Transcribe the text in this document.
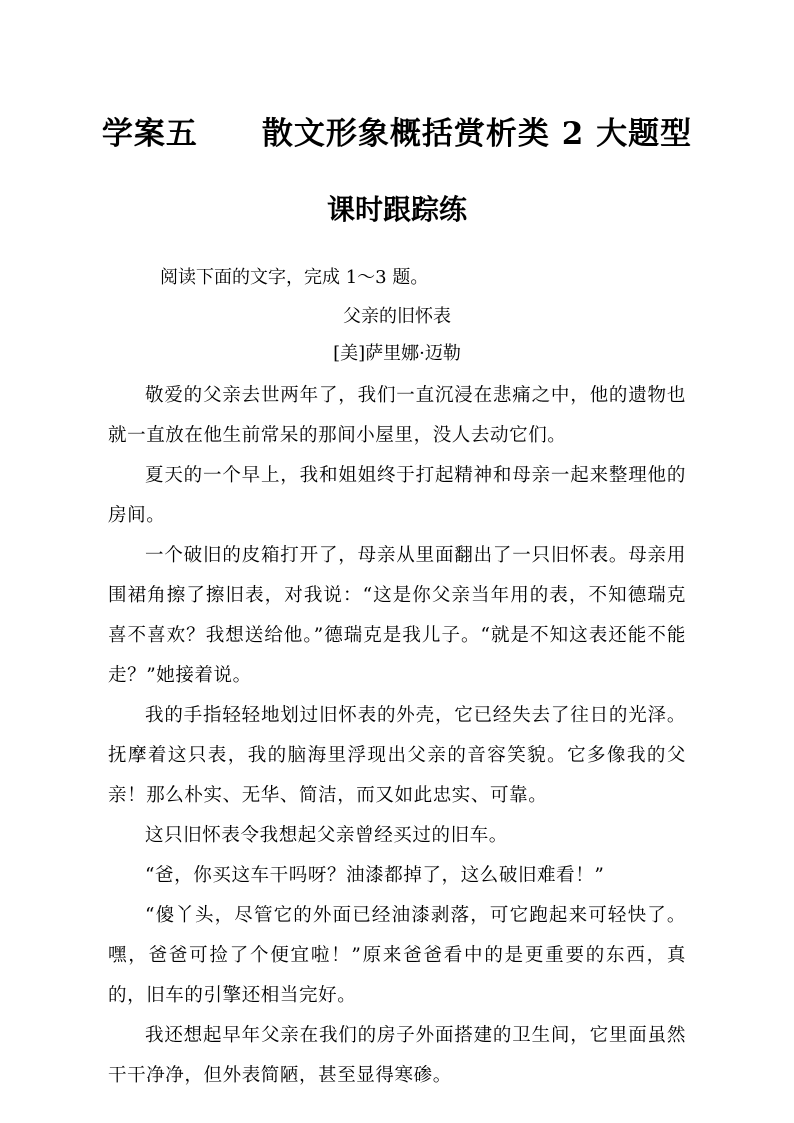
学案五　　散文形象概括赏析类 2 大题型
课时跟踪练
阅读下面的文字，完成 1～3 题。
父亲的旧怀表
[美]萨里娜·迈勒

敬爱的父亲去世两年了，我们一直沉浸在悲痛之中，他的遗物也就一直放在他生前常呆的那间小屋里，没人去动它们。

夏天的一个早上，我和姐姐终于打起精神和母亲一起来整理他的房间。

一个破旧的皮箱打开了，母亲从里面翻出了一只旧怀表。母亲用围裙角擦了擦旧表，对我说：“这是你父亲当年用的表，不知德瑞克喜不喜欢？我想送给他。”德瑞克是我儿子。“就是不知这表还能不能走？”她接着说。

我的手指轻轻地划过旧怀表的外壳，它已经失去了往日的光泽。抚摩着这只表，我的脑海里浮现出父亲的音容笑貌。它多像我的父亲！那么朴实、无华、简洁，而又如此忠实、可靠。

这只旧怀表令我想起父亲曾经买过的旧车。

“爸，你买这车干吗呀？油漆都掉了，这么破旧难看！”

“傻丫头，尽管它的外面已经油漆剥落，可它跑起来可轻快了。嘿，爸爸可捡了个便宜啦！”原来爸爸看中的是更重要的东西，真的，旧车的引擎还相当完好。

我还想起早年父亲在我们的房子外面搭建的卫生间，它里面虽然干干净净，但外表简陋，甚至显得寒碜。
